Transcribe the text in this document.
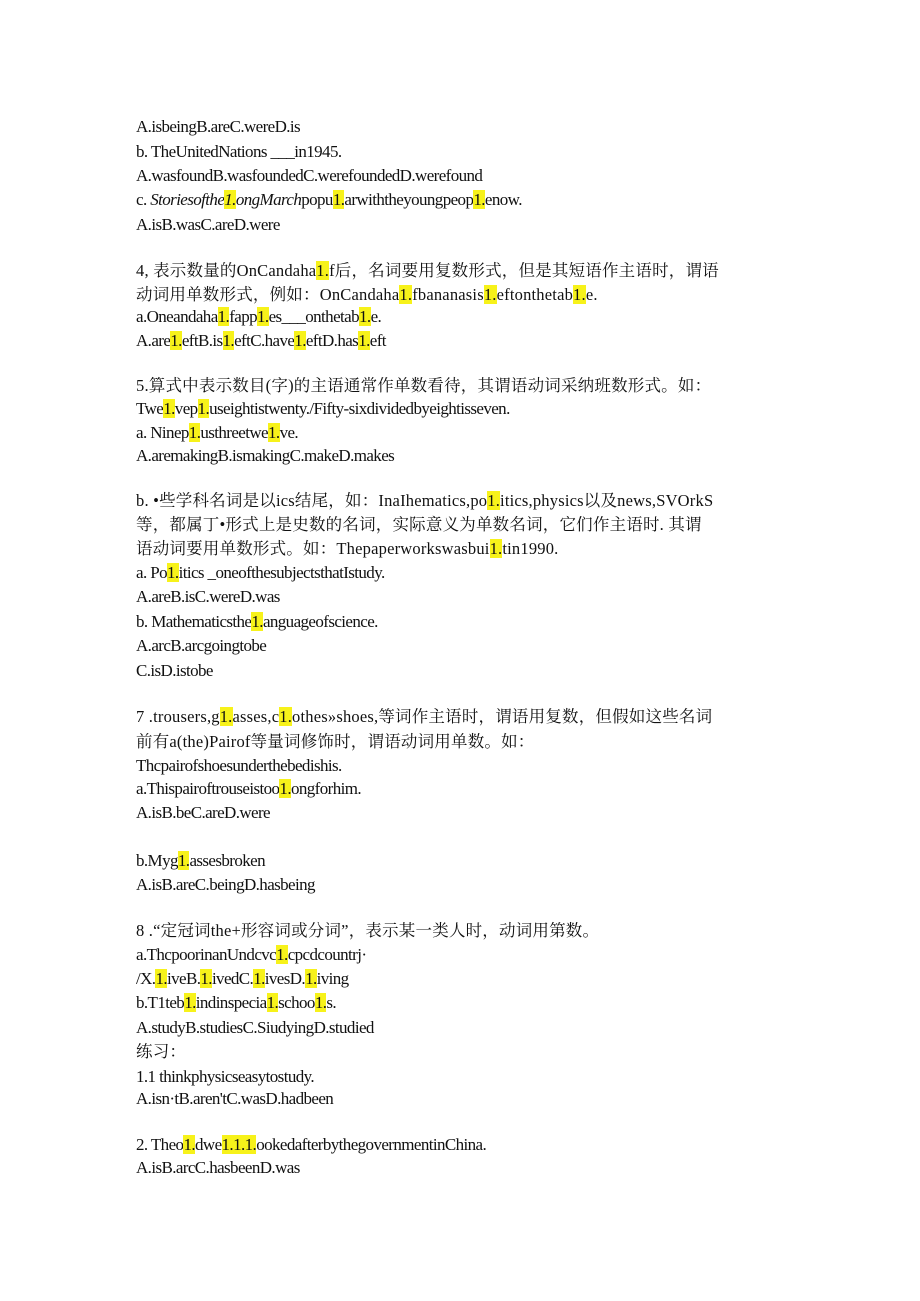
A.isbeingB.areC.wereD.is
b. TheUnitedNations ___in1945.
A.wasfoundB.wasfoundedC.werefoundedD.werefound
c. Storiesofthe1.ongMarchpopu1.arwiththeyoungpeop1.enow.
A.isB.wasC.areD.were
4, 表示数量的OnCandaha1.f后，名词要用复数形式，但是其短语作主语时，谓语
动词用单数形式，例如：OnCandaha1.fbananasis1.eftonthetab1.e.
a.Oneandaha1.fapp1.es___onthetab1.e.
A.are1.eftB.is1.eftC.have1.eftD.has1.eft
5.算式中表示数目(字)的主语通常作单数看待，其谓语动词采纳班数形式。如：
Twe1.vep1.useightistwenty./Fifty-sixdividedbyeightisseven.
a. Ninep1.usthreetwe1.ve.
A.aremakingB.ismakingC.makeD.makes
b. •些学科名词是以ics结尾，如：InaIhematics,po1.itics,physics以及news,SVOrkS
等，都属丁•形式上是史数的名词，实际意义为单数名词，它们作主语时. 其谓
语动词要用单数形式。如：Thepaperworkswasbui1.tin1990.
a. Po1.itics _oneofthesubjectsthatIstudy.
A.areB.isC.wereD.was
b. Mathematicsthe1.anguageofscience.
A.arcB.arcgoingtobe
C.isD.istobe
7 .trousers,g1.asses,c1.othes»shoes,等词作主语时，谓语用复数，但假如这些名词
前有a(the)Pairof等量词修饰时，谓语动词用单数。如：
Thcpairofshoesunderthebedishis.
a.Thispairoftrouseistoo1.ongforhim.
A.isB.beC.areD.were
b.Myg1.assesbroken
A.isB.areC.beingD.hasbeing
8 .“定冠词the+形容词或分词”，表示某一类人时，动词用第数。
a.ThcpoorinanUndcvc1.cpcdcountrj·
/X.1.iveB.1.ivedC.1.ivesD.1.iving
b.T1teb1.indinspecia1.schoo1.s.
A.studyB.studiesC.SiudyingD.studied
练习：
1.1 thinkphysicseasytostudy.
A.isn·tB.aren'tC.wasD.hadbeen
2. Theo1.dwe1.1.1.ookedafterbythegovernmentinChina.
A.isB.arcC.hasbeenD.was
